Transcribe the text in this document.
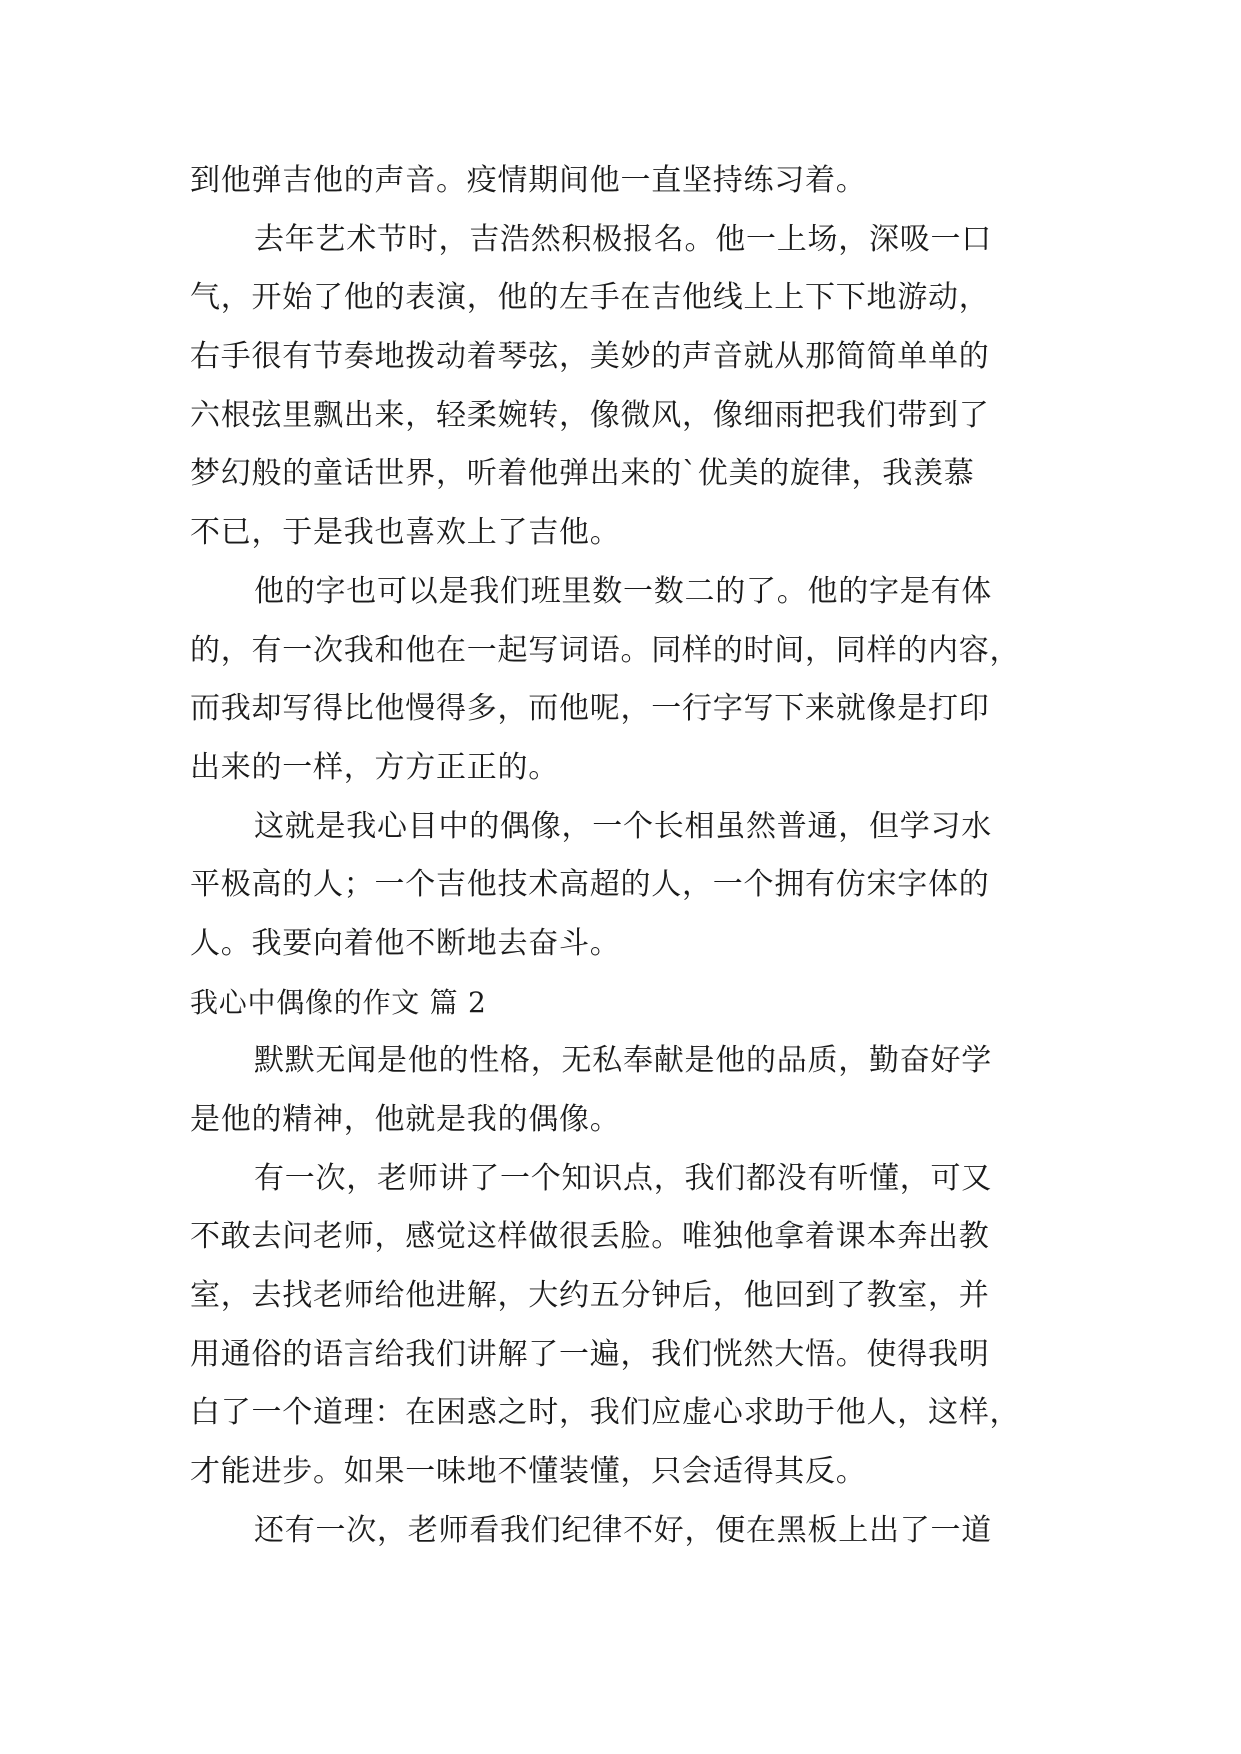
到他弹吉他的声音。疫情期间他一直坚持练习着。
去年艺术节时，吉浩然积极报名。他一上场，深吸一口
气，开始了他的表演，他的左手在吉他线上上下下地游动，
右手很有节奏地拨动着琴弦，美妙的声音就从那简简单单的
六根弦里飘出来，轻柔婉转，像微风，像细雨把我们带到了
梦幻般的童话世界，听着他弹出来的`优美的旋律，我羡慕
不已，于是我也喜欢上了吉他。
他的字也可以是我们班里数一数二的了。他的字是有体
的，有一次我和他在一起写词语。同样的时间，同样的内容，
而我却写得比他慢得多，而他呢，一行字写下来就像是打印
出来的一样，方方正正的。
这就是我心目中的偶像，一个长相虽然普通，但学习水
平极高的人；一个吉他技术高超的人，一个拥有仿宋字体的
人。我要向着他不断地去奋斗。
我心中偶像的作文 篇 2
默默无闻是他的性格，无私奉献是他的品质，勤奋好学
是他的精神，他就是我的偶像。
有一次，老师讲了一个知识点，我们都没有听懂，可又
不敢去问老师，感觉这样做很丢脸。唯独他拿着课本奔出教
室，去找老师给他进解，大约五分钟后，他回到了教室，并
用通俗的语言给我们讲解了一遍，我们恍然大悟。使得我明
白了一个道理：在困惑之时，我们应虚心求助于他人，这样，
才能进步。如果一味地不懂装懂，只会适得其反。
还有一次，老师看我们纪律不好，便在黑板上出了一道
